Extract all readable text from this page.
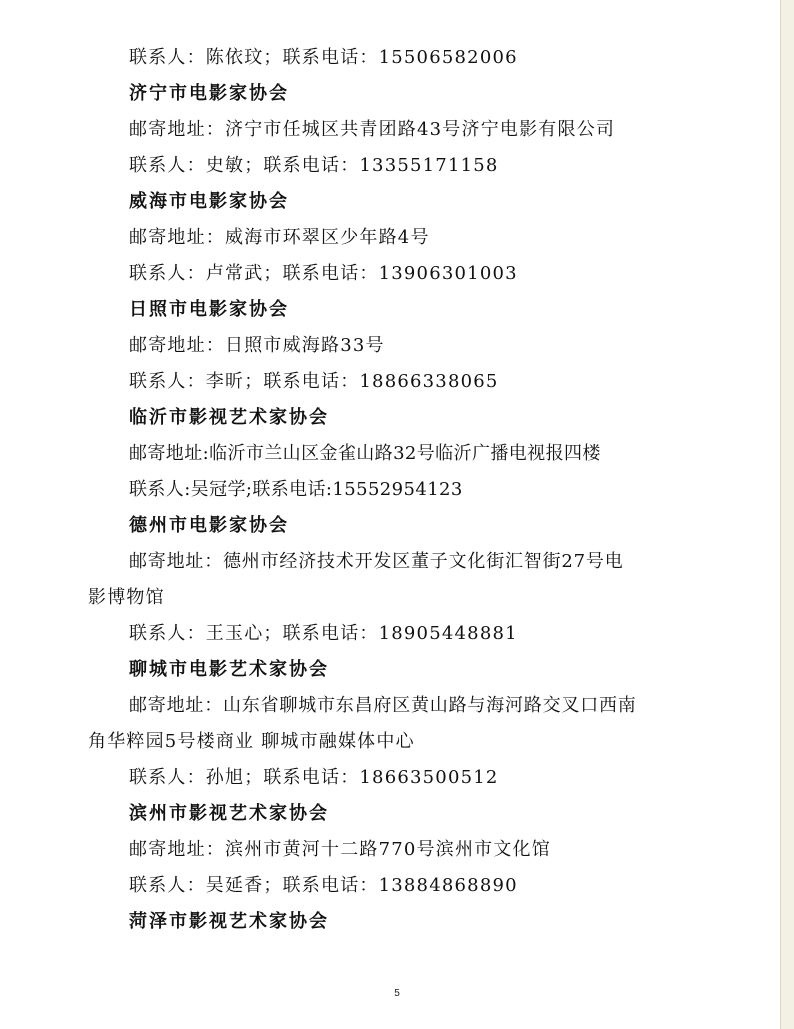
联系人：陈依玟；联系电话：15506582006
济宁市电影家协会
邮寄地址：济宁市任城区共青团路43号济宁电影有限公司
联系人：史敏；联系电话：13355171158
威海市电影家协会
邮寄地址：威海市环翠区少年路4号
联系人：卢常武；联系电话：13906301003
日照市电影家协会
邮寄地址：日照市威海路33号
联系人：李昕；联系电话：18866338065
临沂市影视艺术家协会
邮寄地址:临沂市兰山区金雀山路32号临沂广播电视报四楼
联系人:吴冠学;联系电话:15552954123
德州市电影家协会
邮寄地址：德州市经济技术开发区董子文化街汇智街27号电
影博物馆
联系人：王玉心；联系电话：18905448881
聊城市电影艺术家协会
邮寄地址：山东省聊城市东昌府区黄山路与海河路交叉口西南
角华粹园5号楼商业 聊城市融媒体中心
联系人：孙旭；联系电话：18663500512
滨州市影视艺术家协会
邮寄地址：滨州市黄河十二路770号滨州市文化馆
联系人：吴延香；联系电话：13884868890
菏泽市影视艺术家协会
5
